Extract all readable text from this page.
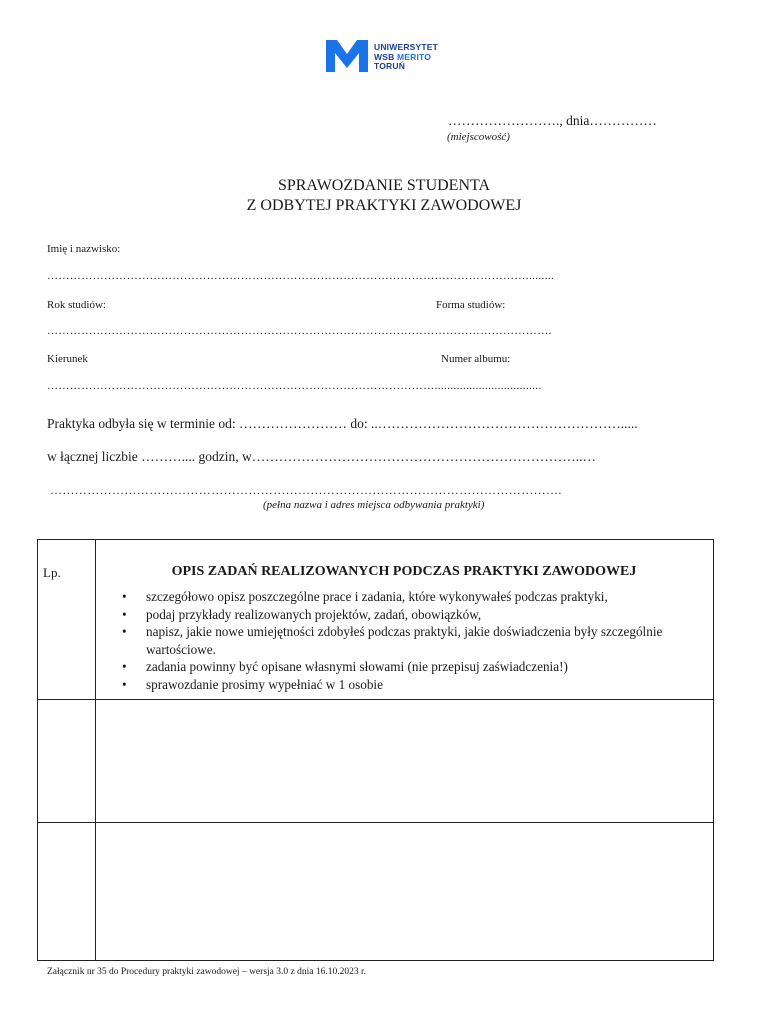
UNIWERSYTET
WSB MERITO
TORUŃ
……………………., dnia……………
(miejscowość)
SPRAWOZDANIE STUDENTA
Z ODBYTEJ PRAKTYKI ZAWODOWEJ
Imię i nazwisko:
……………………………………………………………………………………………………………….........
Rok studiów:	Forma studiów:
…………………………………………………………………………………………………………………….
Kierunek	Numer albumu:
…………………………………………………………………………………………..................................
Praktyka odbyła się w terminie od: …………………… do: ..……………………………………………….....
w łącznej liczbie ……….... godzin, w………………………………………………………………..…
…………………………………………………………………………………………………………….
(pełna nazwa i adres miejsca odbywania praktyki)
Lp.	OPIS ZADAŃ REALIZOWANYCH PODCZAS PRAKTYKI ZAWODOWEJ
• szczegółowo opisz poszczególne prace i zadania, które wykonywałeś podczas praktyki,
• podaj przykłady realizowanych projektów, zadań, obowiązków,
• napisz, jakie nowe umiejętności zdobyłeś podczas praktyki, jakie doświadczenia były szczególnie wartościowe.
• zadania powinny być opisane własnymi słowami (nie przepisuj zaświadczenia!)
• sprawozdanie prosimy wypełniać w 1 osobie
Załącznik nr 35 do Procedury praktyki zawodowej – wersja 3.0 z dnia 16.10.2023 r.
